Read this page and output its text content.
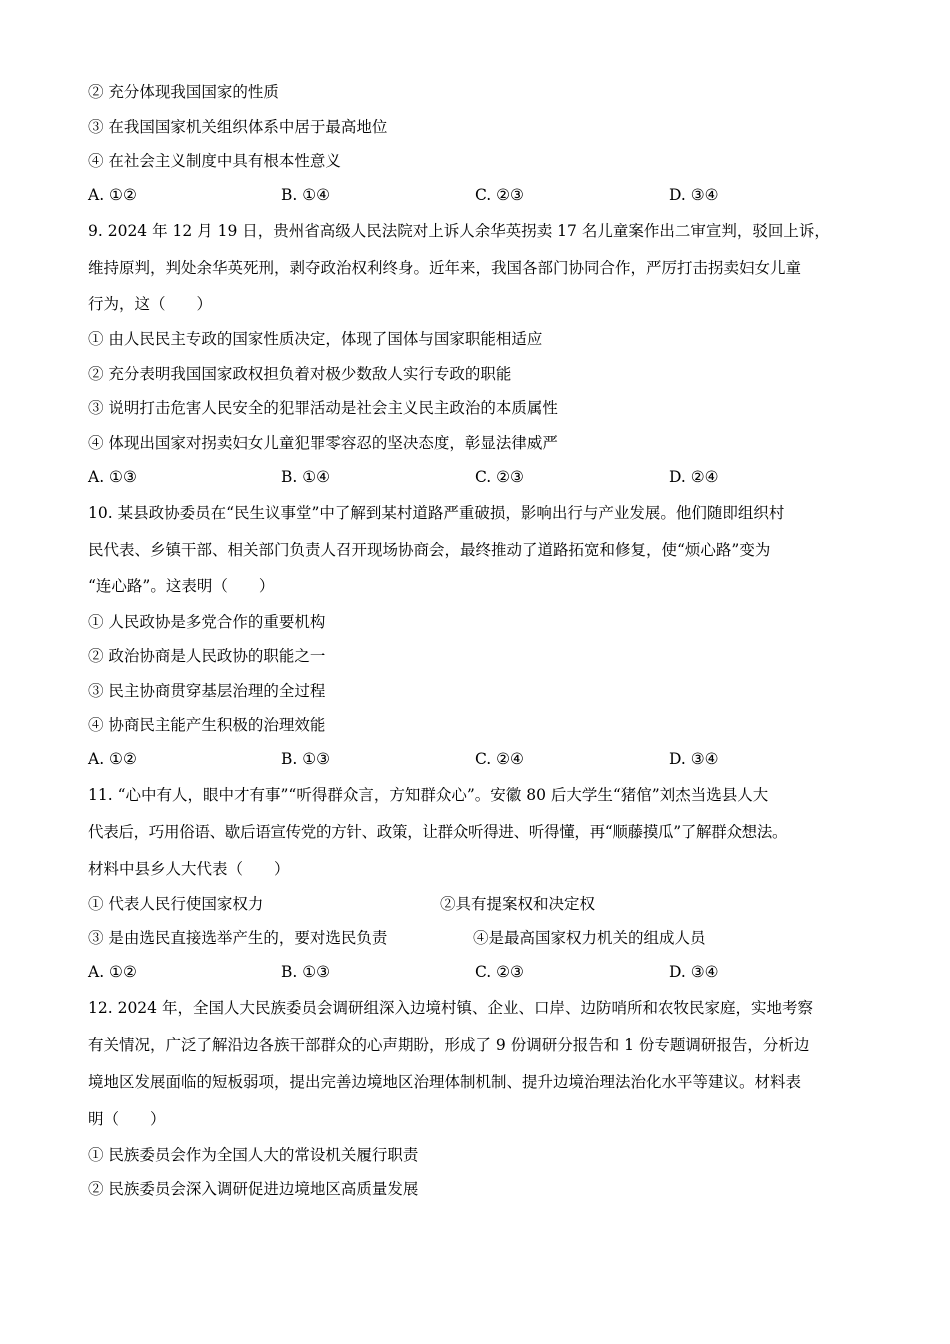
② 充分体现我国国家的性质
③ 在我国国家机关组织体系中居于最高地位
④ 在社会主义制度中具有根本性意义
A. ①②	B. ①④	C. ②③	D. ③④
9. 2024 年 12 月 19 日，贵州省高级人民法院对上诉人余华英拐卖 17 名儿童案作出二审宣判，驳回上诉，
维持原判，判处余华英死刑，剥夺政治权利终身。近年来，我国各部门协同合作，严厉打击拐卖妇女儿童
行为，这（　　）
① 由人民民主专政的国家性质决定，体现了国体与国家职能相适应
② 充分表明我国国家政权担负着对极少数敌人实行专政的职能
③ 说明打击危害人民安全的犯罪活动是社会主义民主政治的本质属性
④ 体现出国家对拐卖妇女儿童犯罪零容忍的坚决态度，彰显法律威严
A. ①③	B. ①④	C. ②③	D. ②④
10. 某县政协委员在“民生议事堂”中了解到某村道路严重破损，影响出行与产业发展。他们随即组织村
民代表、乡镇干部、相关部门负责人召开现场协商会，最终推动了道路拓宽和修复，使“烦心路”变为
“连心路”。这表明（　　）
① 人民政协是多党合作的重要机构
② 政治协商是人民政协的职能之一
③ 民主协商贯穿基层治理的全过程
④ 协商民主能产生积极的治理效能
A. ①②	B. ①③	C. ②④	D. ③④
11. “心中有人，眼中才有事”“听得群众言，方知群众心”。安徽 80 后大学生“猪倌”刘杰当选县人大
代表后，巧用俗语、歇后语宣传党的方针、政策，让群众听得进、听得懂，再“顺藤摸瓜”了解群众想法。
材料中县乡人大代表（　　）
① 代表人民行使国家权力	②具有提案权和决定权
③ 是由选民直接选举产生的，要对选民负责	④是最高国家权力机关的组成人员
A. ①②	B. ①③	C. ②③	D. ③④
12. 2024 年，全国人大民族委员会调研组深入边境村镇、企业、口岸、边防哨所和农牧民家庭，实地考察
有关情况，广泛了解沿边各族干部群众的心声期盼，形成了 9 份调研分报告和 1 份专题调研报告，分析边
境地区发展面临的短板弱项，提出完善边境地区治理体制机制、提升边境治理法治化水平等建议。材料表
明（　　）
① 民族委员会作为全国人大的常设机关履行职责
② 民族委员会深入调研促进边境地区高质量发展
